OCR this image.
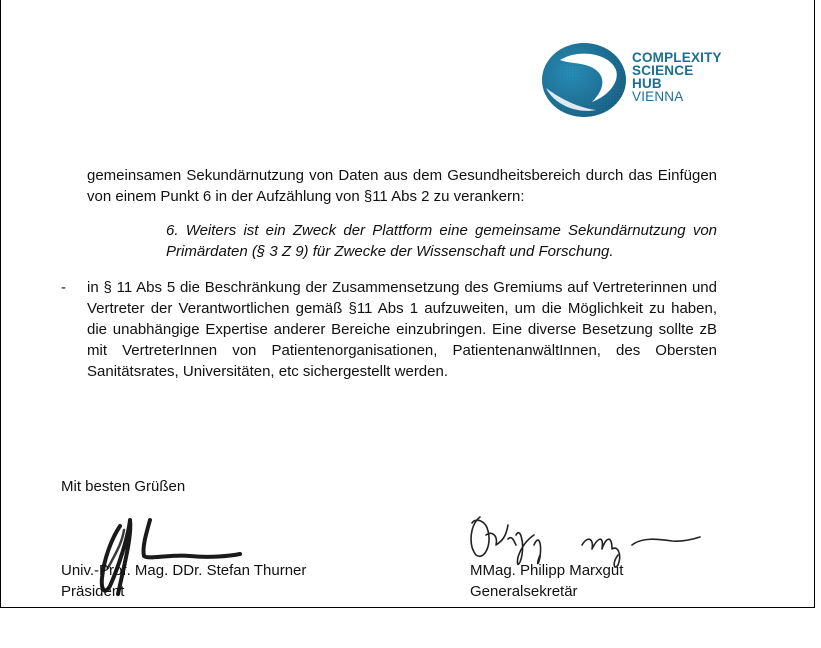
COMPLEXITY
SCIENCE
HUB
VIENNA
gemeinsamen Sekundärnutzung von Daten aus dem Gesundheitsbereich durch das Einfügen von einem Punkt 6 in der Aufzählung von §11 Abs 2 zu verankern:
6. Weiters ist ein Zweck der Plattform eine gemeinsame Sekundärnutzung von Primärdaten (§ 3 Z 9) für Zwecke der Wissenschaft und Forschung.
- in § 11 Abs 5 die Beschränkung der Zusammensetzung des Gremiums auf Vertreterinnen und Vertreter der Verantwortlichen gemäß §11 Abs 1 aufzuweiten, um die Möglichkeit zu haben, die unabhängige Expertise anderer Bereiche einzubringen. Eine diverse Besetzung sollte zB mit VertreterInnen von Patientenorganisationen, PatientenanwältInnen, des Obersten Sanitätsrates, Universitäten, etc sichergestellt werden.
Mit besten Grüßen
Univ.-Prof. Mag. DDr. Stefan Thurner
Präsident
MMag. Philipp Marxgut
Generalsekretär
